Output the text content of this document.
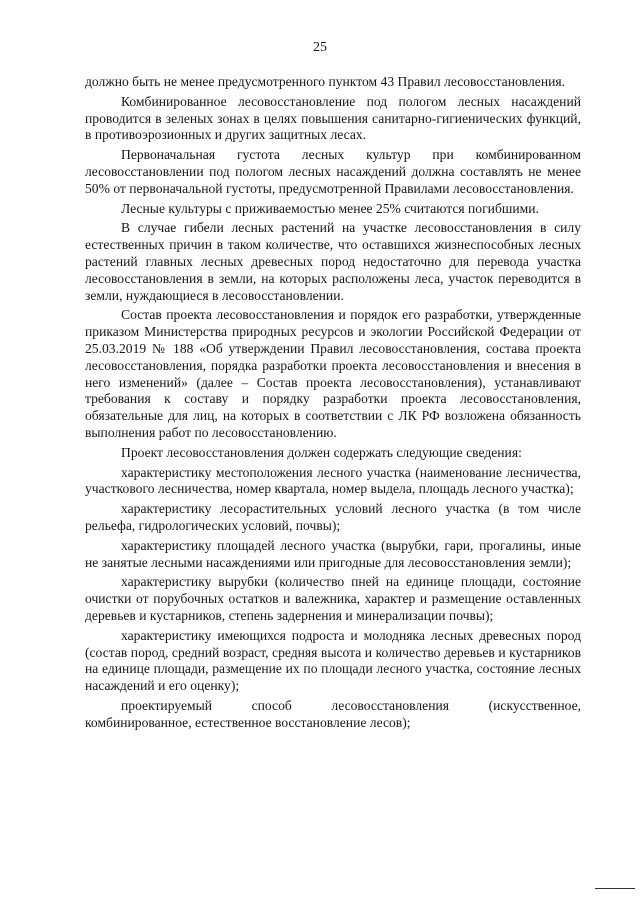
25

должно быть не менее предусмотренного пунктом 43 Правил лесовосстановления.

Комбинированное лесовосстановление под пологом лесных насаждений проводится в зеленых зонах в целях повышения санитарно-гигиенических функций, в противоэрозионных и других защитных лесах.

Первоначальная густота лесных культур при комбинированном лесовосстановлении под пологом лесных насаждений должна составлять не менее 50% от первоначальной густоты, предусмотренной Правилами лесовосстановления.

Лесные культуры с приживаемостью менее 25% считаются погибшими.

В случае гибели лесных растений на участке лесовосстановления в силу естественных причин в таком количестве, что оставшихся жизнеспособных лесных растений главных лесных древесных пород недостаточно для перевода участка лесовосстановления в земли, на которых расположены леса, участок переводится в земли, нуждающиеся в лесовосстановлении.

Состав проекта лесовосстановления и порядок его разработки, утвержденные приказом Министерства природных ресурсов и экологии Российской Федерации от 25.03.2019 № 188 «Об утверждении Правил лесовосстановления, состава проекта лесовосстановления, порядка разработки проекта лесовосстановления и внесения в него изменений» (далее – Состав проекта лесовосстановления), устанавливают требования к составу и порядку разработки проекта лесовосстановления, обязательные для лиц, на которых в соответствии с ЛК РФ возложена обязанность выполнения работ по лесовосстановлению.

Проект лесовосстановления должен содержать следующие сведения:

характеристику местоположения лесного участка (наименование лесничества, участкового лесничества, номер квартала, номер выдела, площадь лесного участка);

характеристику лесорастительных условий лесного участка (в том числе рельефа, гидрологических условий, почвы);

характеристику площадей лесного участка (вырубки, гари, прогалины, иные не занятые лесными насаждениями или пригодные для лесовосстановления земли);

характеристику вырубки (количество пней на единице площади, состояние очистки от порубочных остатков и валежника, характер и размещение оставленных деревьев и кустарников, степень задернения и минерализации почвы);

характеристику имеющихся подроста и молодняка лесных древесных пород (состав пород, средний возраст, средняя высота и количество деревьев и кустарников на единице площади, размещение их по площади лесного участка, состояние лесных насаждений и его оценку);

проектируемый способ лесовосстановления (искусственное, комбинированное, естественное восстановление лесов);
